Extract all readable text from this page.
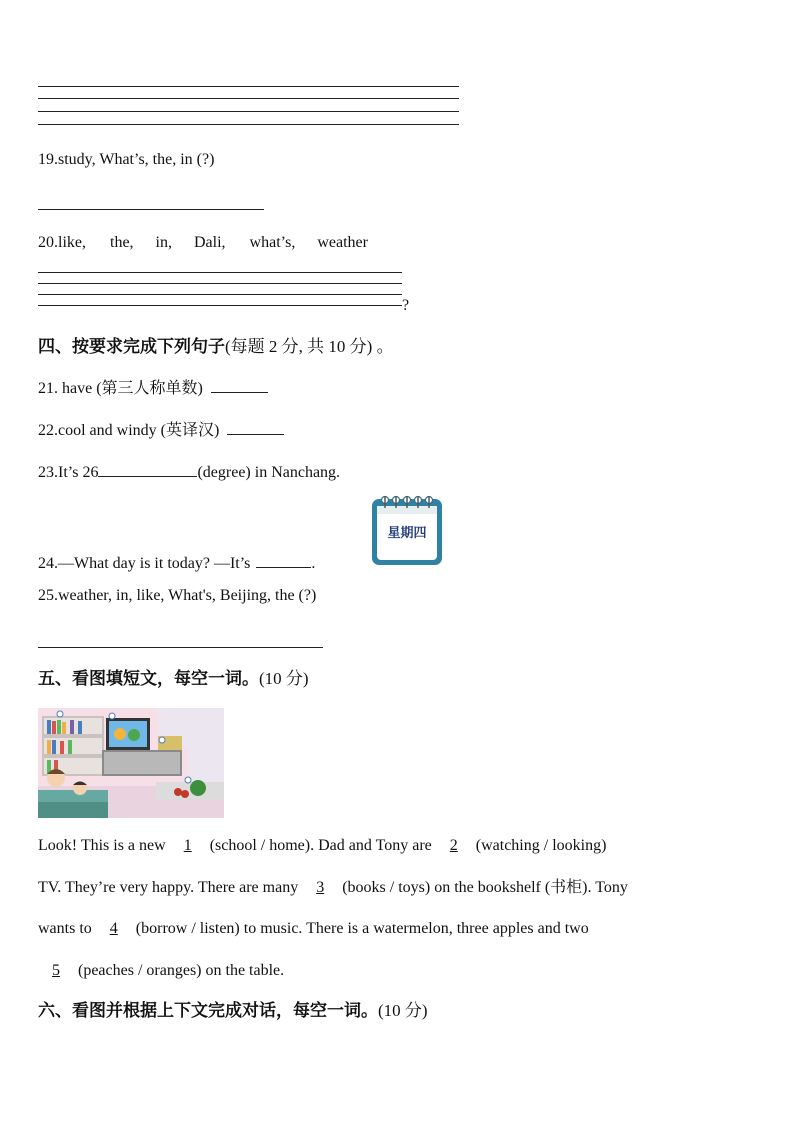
19.study, What’s, the, in (?)
20.like, the, in, Dali, what’s, weather
?
四、按要求完成下列句子(每题 2 分, 共 10 分) 。
21. have (第三人称单数)
22.cool and windy (英译汉)
23.It’s 26	(degree) in Nanchang.
星期四
24.—What day is it today? —It’s	.
25.weather, in, like, What's, Beijing, the (?)
五、看图填短文，每空一词。(10 分)
Look! This is a new 1 (school / home). Dad and Tony are 2 (watching / looking)
TV. They’re very happy. There are many 3 (books / toys) on the bookshelf (书柜). Tony
wants to 4 (borrow / listen) to music. There is a watermelon, three apples and two
5 (peaches / oranges) on the table.
六、看图并根据上下文完成对话，每空一词。(10 分)
